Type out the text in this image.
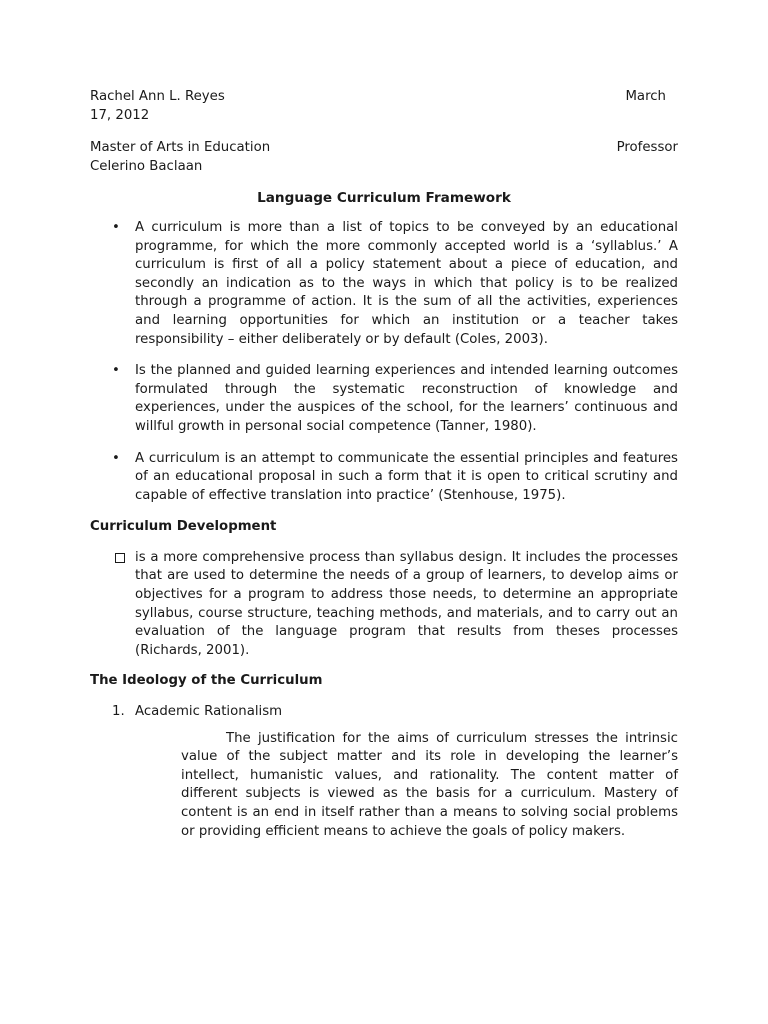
Rachel Ann L. Reyes	March
17, 2012
Master of Arts in Education	Professor
Celerino Baclaan
Language Curriculum Framework
• A curriculum is more than a list of topics to be conveyed by an educational programme, for which the more commonly accepted world is a ‘syllablus.’ A curriculum is first of all a policy statement about a piece of education, and secondly an indication as to the ways in which that policy is to be realized through a programme of action. It is the sum of all the activities, experiences and learning opportunities for which an institution or a teacher takes responsibility – either deliberately or by default (Coles, 2003).
• Is the planned and guided learning experiences and intended learning outcomes formulated through the systematic reconstruction of knowledge and experiences, under the auspices of the school, for the learners’ continuous and willful growth in personal social competence (Tanner, 1980).
• A curriculum is an attempt to communicate the essential principles and features of an educational proposal in such a form that it is open to critical scrutiny and capable of effective translation into practice’ (Stenhouse, 1975).
Curriculum Development
is a more comprehensive process than syllabus design. It includes the processes that are used to determine the needs of a group of learners, to develop aims or objectives for a program to address those needs, to determine an appropriate syllabus, course structure, teaching methods, and materials, and to carry out an evaluation of the language program that results from theses processes (Richards, 2001).
The Ideology of the Curriculum
1. Academic Rationalism
The justification for the aims of curriculum stresses the intrinsic value of the subject matter and its role in developing the learner’s intellect, humanistic values, and rationality. The content matter of different subjects is viewed as the basis for a curriculum. Mastery of content is an end in itself rather than a means to solving social problems or providing efficient means to achieve the goals of policy makers.
